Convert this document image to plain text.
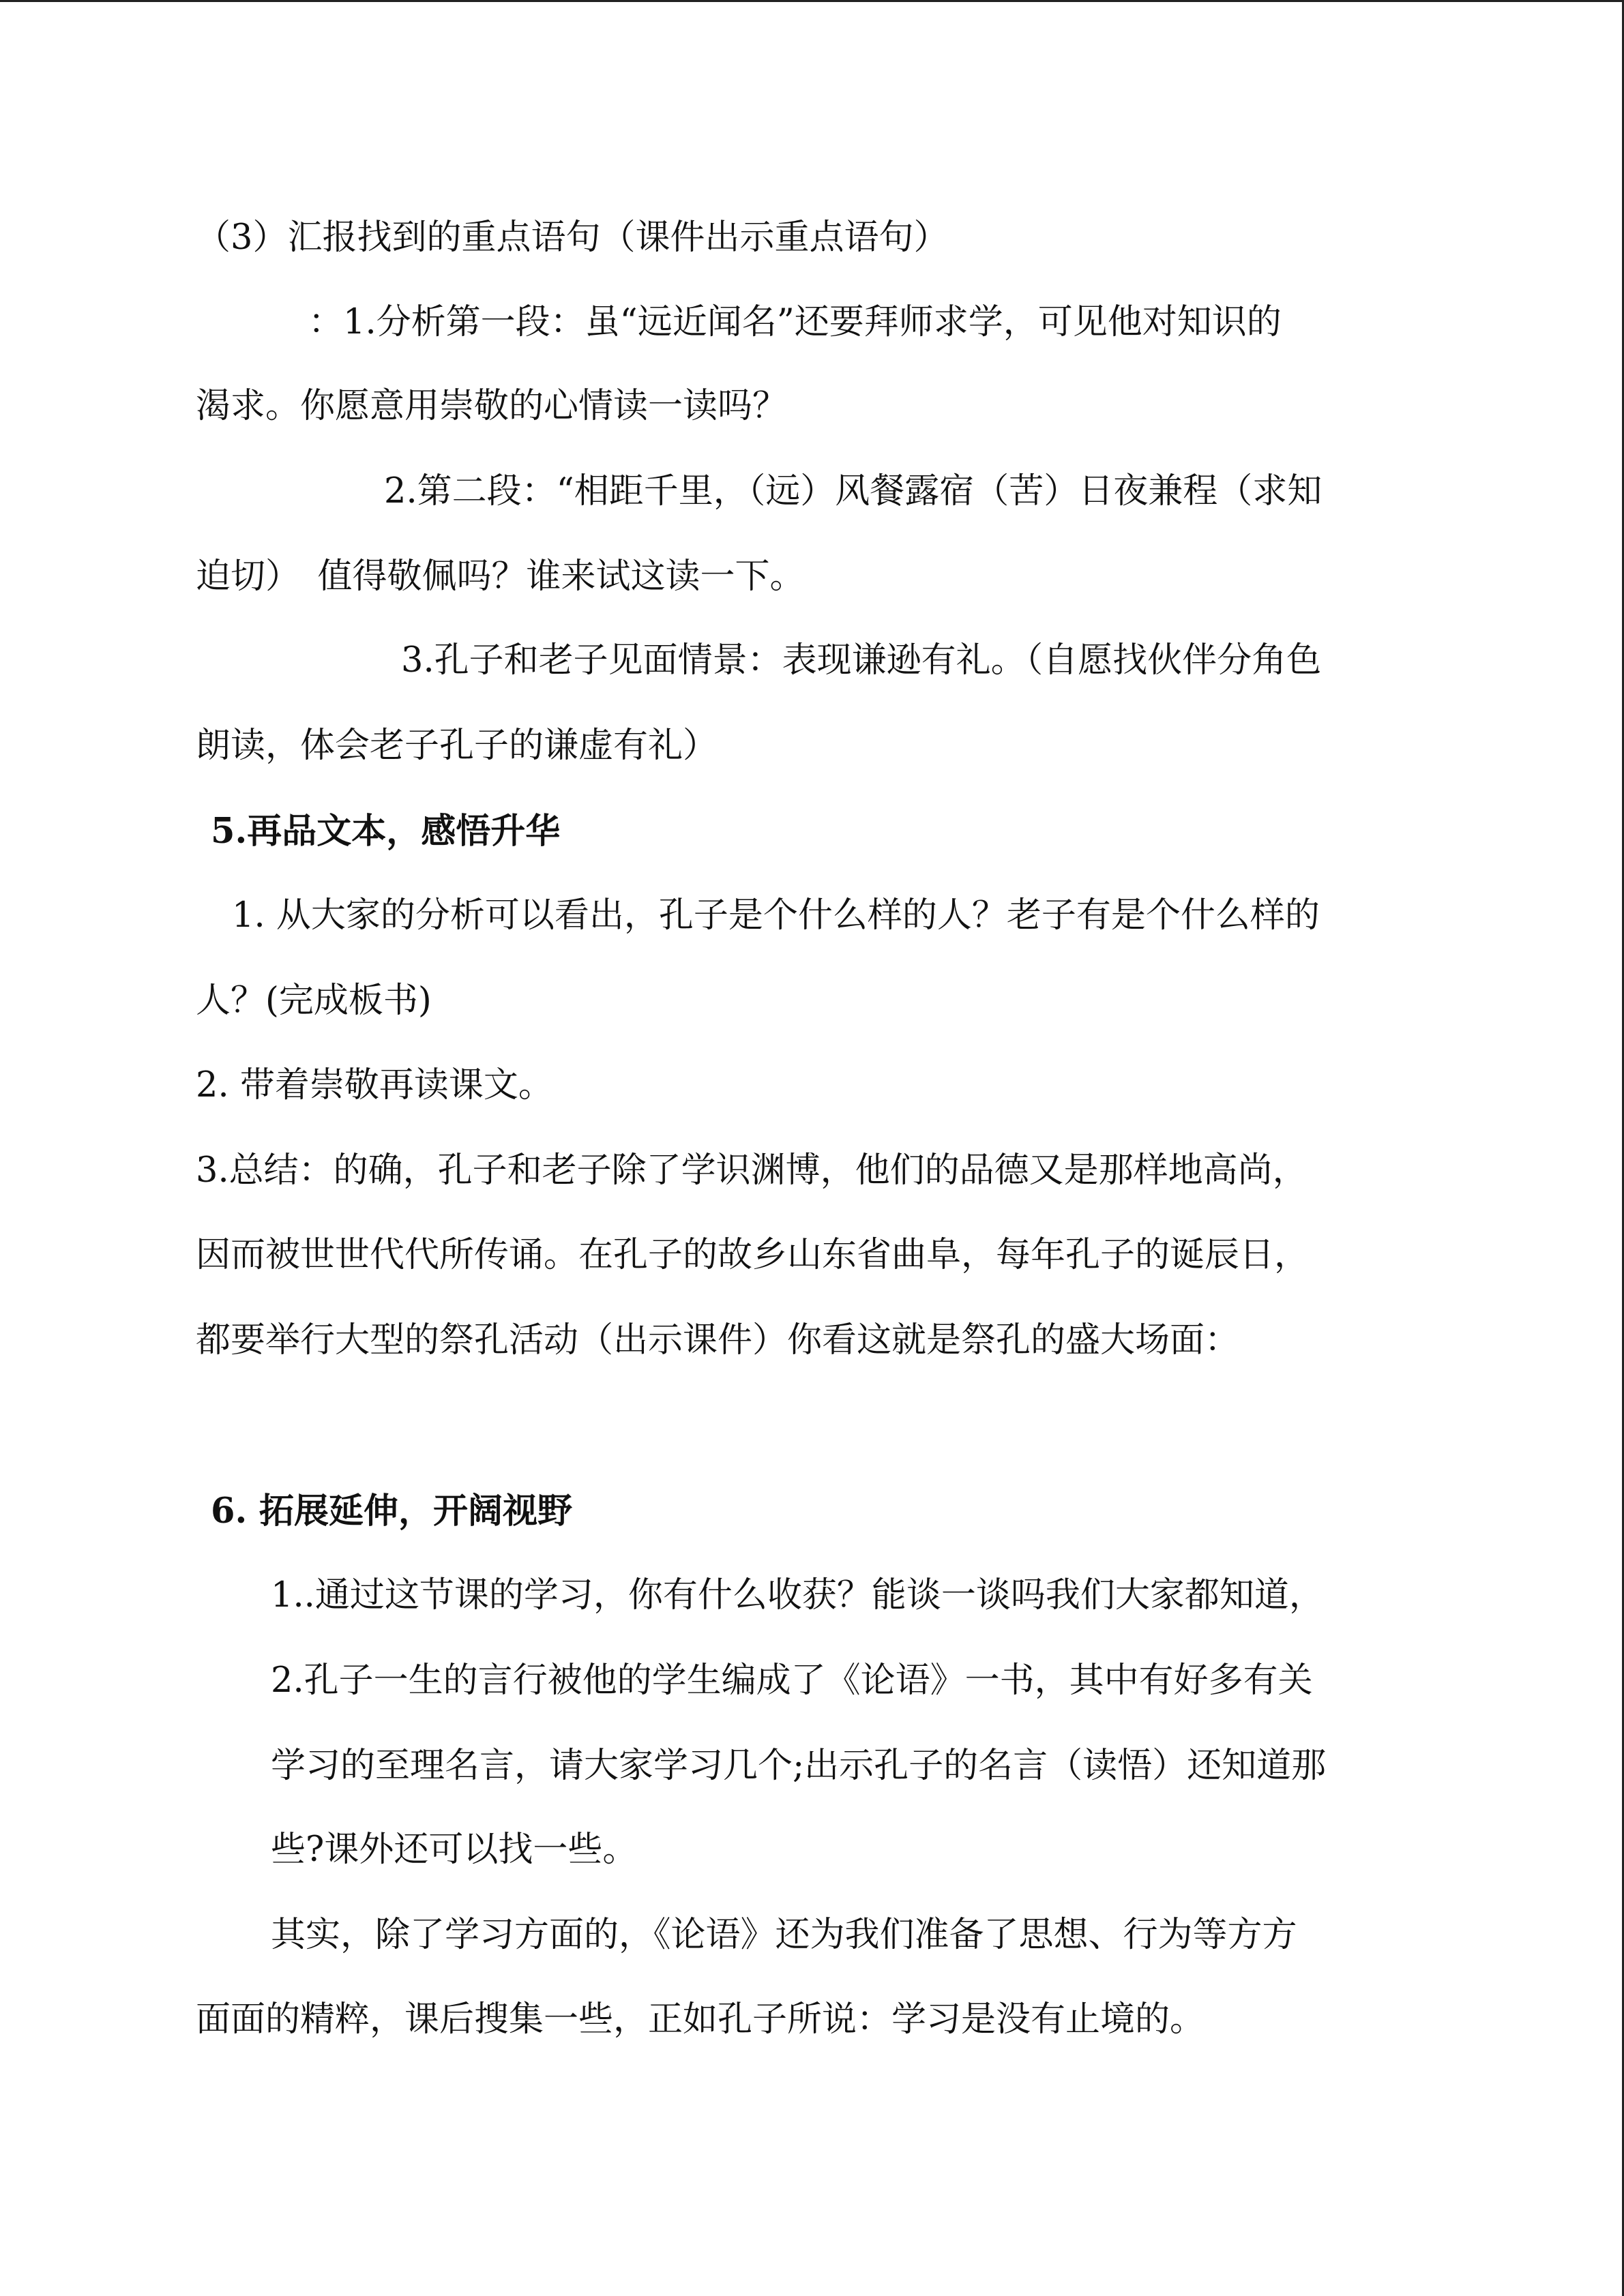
（3）汇报找到的重点语句（课件出示重点语句）

：1.分析第一段：虽“远近闻名”还要拜师求学，可见他对知识的

渴求。你愿意用崇敬的心情读一读吗？

2.第二段：“相距千里，（远）风餐露宿（苦）日夜兼程（求知

迫切）　值得敬佩吗？谁来试这读一下。

3.孔子和老子见面情景：表现谦逊有礼。（自愿找伙伴分角色

朗读，体会老子孔子的谦虚有礼）

5.再品文本，感悟升华

1. 从大家的分析可以看出，孔子是个什么样的人？老子有是个什么样的

人？(完成板书)

2. 带着崇敬再读课文。

3.总结：的确，孔子和老子除了学识渊博，他们的品德又是那样地高尚，

因而被世世代代所传诵。在孔子的故乡山东省曲阜，每年孔子的诞辰日，

都要举行大型的祭孔活动（出示课件）你看这就是祭孔的盛大场面：

6. 拓展延伸，开阔视野

1..通过这节课的学习，你有什么收获？能谈一谈吗我们大家都知道，

2.孔子一生的言行被他的学生编成了《论语》一书，其中有好多有关

学习的至理名言，请大家学习几个;出示孔子的名言（读悟）还知道那

些?课外还可以找一些。

其实，除了学习方面的，《论语》还为我们准备了思想、行为等方方

面面的精粹，课后搜集一些，正如孔子所说：学习是没有止境的。
